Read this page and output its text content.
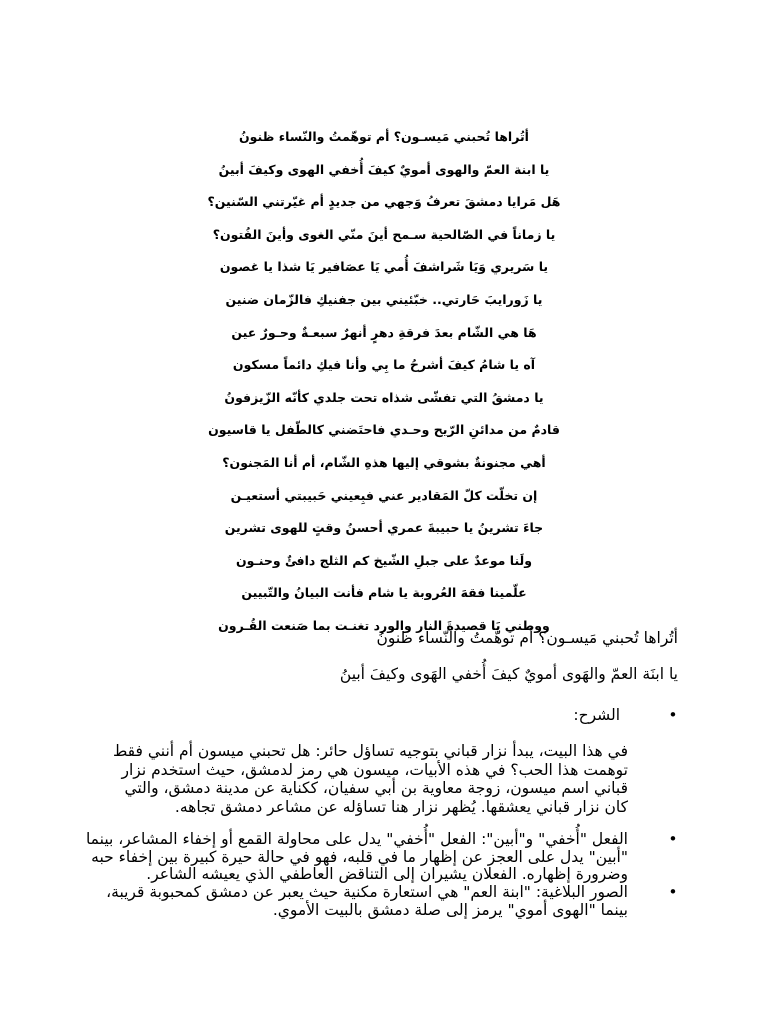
أتُراها تُحبني مَيسـون؟ أم توهّمتُ والنّساء ظنونُ
يا ابنة العمّ والهوى أمويٌ كيفَ أُخفي الهوى وكيفَ أبينُ
هَل مَرايا دمشقَ تعرفُ وَجهي من جديدٍ أم غيّرتني السّنين؟
يا زماناً في الصّالحية سـمح أينَ منّي الغوى وأينَ الفُتون؟
يا سَريري وَيَا شَراشفَ أُمي يَا عصَافير يَا شذا يا غصون
يا زَورايبَ حَارتي.. خبّئيني بين جفنيكِ فالزّمان ضنين
هَا هي الشّام بعدَ فرقةِ دهرٍ أنهرٌ سبعـةٌ وحـورٌ عين
آه يا شامُ كيفَ أشرحُ ما بِي وأنا فيكِ دائماً مسكون
يا دمشقُ التي تفشّى شذاه تحت جلدي كأنّه الزّيزفونُ
قادمٌ من مدائنِ الرّيح وحـدي فاحتَضني كالطّفل يا قاسيون
أهي مجنونةٌ بشوقي إليها هذهِ الشّام، أم أنا المَجنون؟
إن تخلّت كلّ المَقادير عني فبِعيني حَبيبتي أستعيـن
جاءَ تشرينُ يا حبيبةَ عمري أحسنُ وقتٍ للهوى تشرين
ولَنا موعدٌ على جبلِ الشّيخ كم الثلج دافئٌ وحنـون
علّمينا فقهَ العُروبة يا شام فأنت البيانُ والتّبيين
ووطني يَا قصيدةَ النار والورد تغنـت بما صَنعت القُـرون

أتُراها تُحبني مَيسـون؟ أم توهّمتُ والنّساء ظنونُ

يا ابنَة العمّ والهَوى أمويٌ كيفَ أُخفي الهَوى وكيفَ أبينُ

•
الشرح:

في هذا البيت، يبدأ نزار قباني بتوجيه تساؤل حائر: هل تحبني ميسون أم أنني فقط توهمت هذا الحب؟ في هذه الأبيات، ميسون هي رمز لدمشق، حيث استخدم نزار قباني اسم ميسون، زوجة معاوية بن أبي سفيان، ككناية عن مدينة دمشق، والتي كان نزار قباني يعشقها. يُظهر نزار هنا تساؤله عن مشاعر دمشق تجاهه.

•
الفعل "أُخفي" و"أبين": الفعل "أُخفي" يدل على محاولة القمع أو إخفاء المشاعر، بينما "أبين" يدل على العجز عن إظهار ما في قلبه، فهو في حالة حيرة كبيرة بين إخفاء حبه وضرورة إظهاره. الفعلان يشيران إلى التناقض العاطفي الذي يعيشه الشاعر.
•
الصور البلاغية: "ابنة العم" هي استعارة مكنية حيث يعبر عن دمشق كمحبوبة قريبة، بينما "الهوى أموي" يرمز إلى صلة دمشق بالبيت الأموي.
